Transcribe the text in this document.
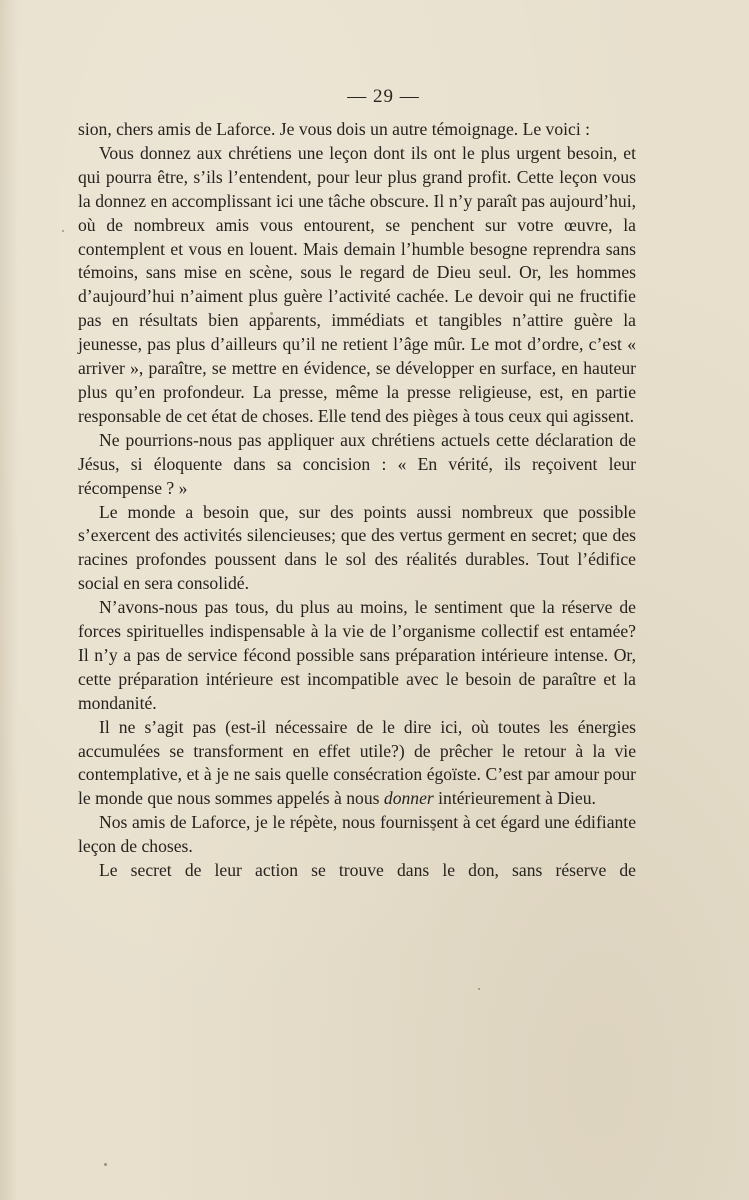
— 29 —

sion, chers amis de Laforce. Je vous dois un autre témoignage. Le voici :

Vous donnez aux chrétiens une leçon dont ils ont le plus urgent besoin, et qui pourra être, s’ils l’entendent, pour leur plus grand profit. Cette leçon vous la donnez en accomplissant ici une tâche obscure. Il n’y paraît pas aujourd’hui, où de nombreux amis vous entourent, se penchent sur votre œuvre, la contemplent et vous en louent. Mais demain l’humble besogne reprendra sans témoins, sans mise en scène, sous le regard de Dieu seul. Or, les hommes d’aujourd’hui n’aiment plus guère l’activité cachée. Le devoir qui ne fructifie pas en résultats bien apparents, immédiats et tangibles n’attire guère la jeunesse, pas plus d’ailleurs qu’il ne retient l’âge mûr. Le mot d’ordre, c’est « arriver », paraître, se mettre en évidence, se développer en surface, en hauteur plus qu’en profondeur. La presse, même la presse religieuse, est, en partie responsable de cet état de choses. Elle tend des pièges à tous ceux qui agissent.

Ne pourrions-nous pas appliquer aux chrétiens actuels cette déclaration de Jésus, si éloquente dans sa concision : « En vérité, ils reçoivent leur récompense ? »

Le monde a besoin que, sur des points aussi nombreux que possible s’exercent des activités silencieuses; que des vertus germent en secret; que des racines profondes poussent dans le sol des réalités durables. Tout l’édifice social en sera consolidé.

N’avons-nous pas tous, du plus au moins, le sentiment que la réserve de forces spirituelles indispensable à la vie de l’organisme collectif est entamée? Il n’y a pas de service fécond possible sans préparation intérieure intense. Or, cette préparation intérieure est incompatible avec le besoin de paraître et la mondanité.

Il ne s’agit pas (est-il nécessaire de le dire ici, où toutes les énergies accumulées se transforment en effet utile?) de prêcher le retour à la vie contemplative, et à je ne sais quelle consécration égoïste. C’est par amour pour le monde que nous sommes appelés à nous donner intérieurement à Dieu.

Nos amis de Laforce, je le répète, nous fournissent à cet égard une édifiante leçon de choses.

Le secret de leur action se trouve dans le don, sans réserve de
